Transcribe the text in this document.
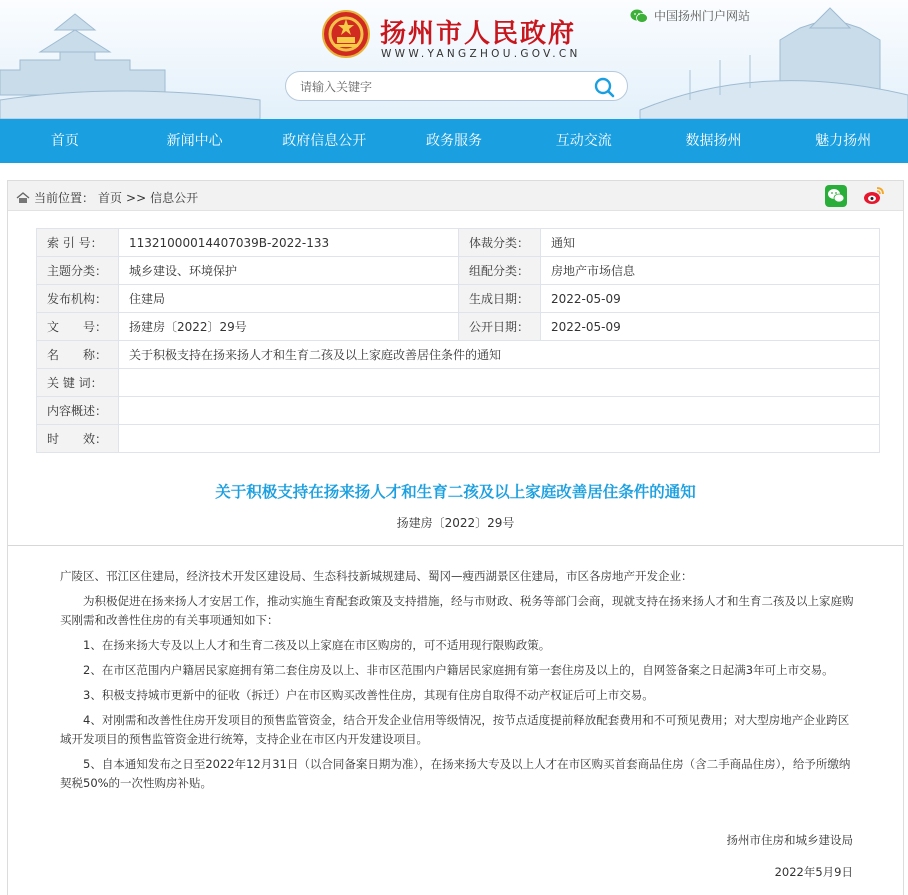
扬州市人民政府
WWW.YANGZHOU.GOV.CN
中国扬州门户网站
请输入关键字
首页	新闻中心	政府信息公开	政务服务	互动交流	数据扬州	魅力扬州
当前位置： 首页 >> 信息公开
索 引 号：	11321000014407039B-2022-133	体裁分类：	通知

主题分类：	城乡建设、环境保护	组配分类：	房地产市场信息

发布机构：	住建局	生成日期：	2022-05-09

文　　号：	扬建房〔2022〕29号	公开日期：	2022-05-09

名　　称：	关于积极支持在扬来扬人才和生育二孩及以上家庭改善居住条件的通知		

关 键 词：			

内容概述：			

时　　效：			

关于积极支持在扬来扬人才和生育二孩及以上家庭改善居住条件的通知
扬建房〔2022〕29号

广陵区、邗江区住建局，经济技术开发区建设局、生态科技新城规建局、蜀冈—瘦西湖景区住建局，市区各房地产开发企业：

为积极促进在扬来扬人才安居工作，推动实施生育配套政策及支持措施，经与市财政、税务等部门会商，现就支持在扬来扬人才和生育二孩及以上家庭购买刚需和改善性住房的有关事项通知如下：

1、在扬来扬大专及以上人才和生育二孩及以上家庭在市区购房的，可不适用现行限购政策。

2、在市区范围内户籍居民家庭拥有第二套住房及以上、非市区范围内户籍居民家庭拥有第一套住房及以上的，自网签备案之日起满3年可上市交易。

3、积极支持城市更新中的征收（拆迁）户在市区购买改善性住房，其现有住房自取得不动产权证后可上市交易。

4、对刚需和改善性住房开发项目的预售监管资金，结合开发企业信用等级情况，按节点适度提前释放配套费用和不可预见费用；对大型房地产企业跨区域开发项目的预售监管资金进行统筹，支持企业在市区内开发建设项目。

5、自本通知发布之日至2022年12月31日（以合同备案日期为准），在扬来扬大专及以上人才在市区购买首套商品住房（含二手商品住房），给予所缴纳契税50%的一次性购房补贴。

扬州市住房和城乡建设局
2022年5月9日
